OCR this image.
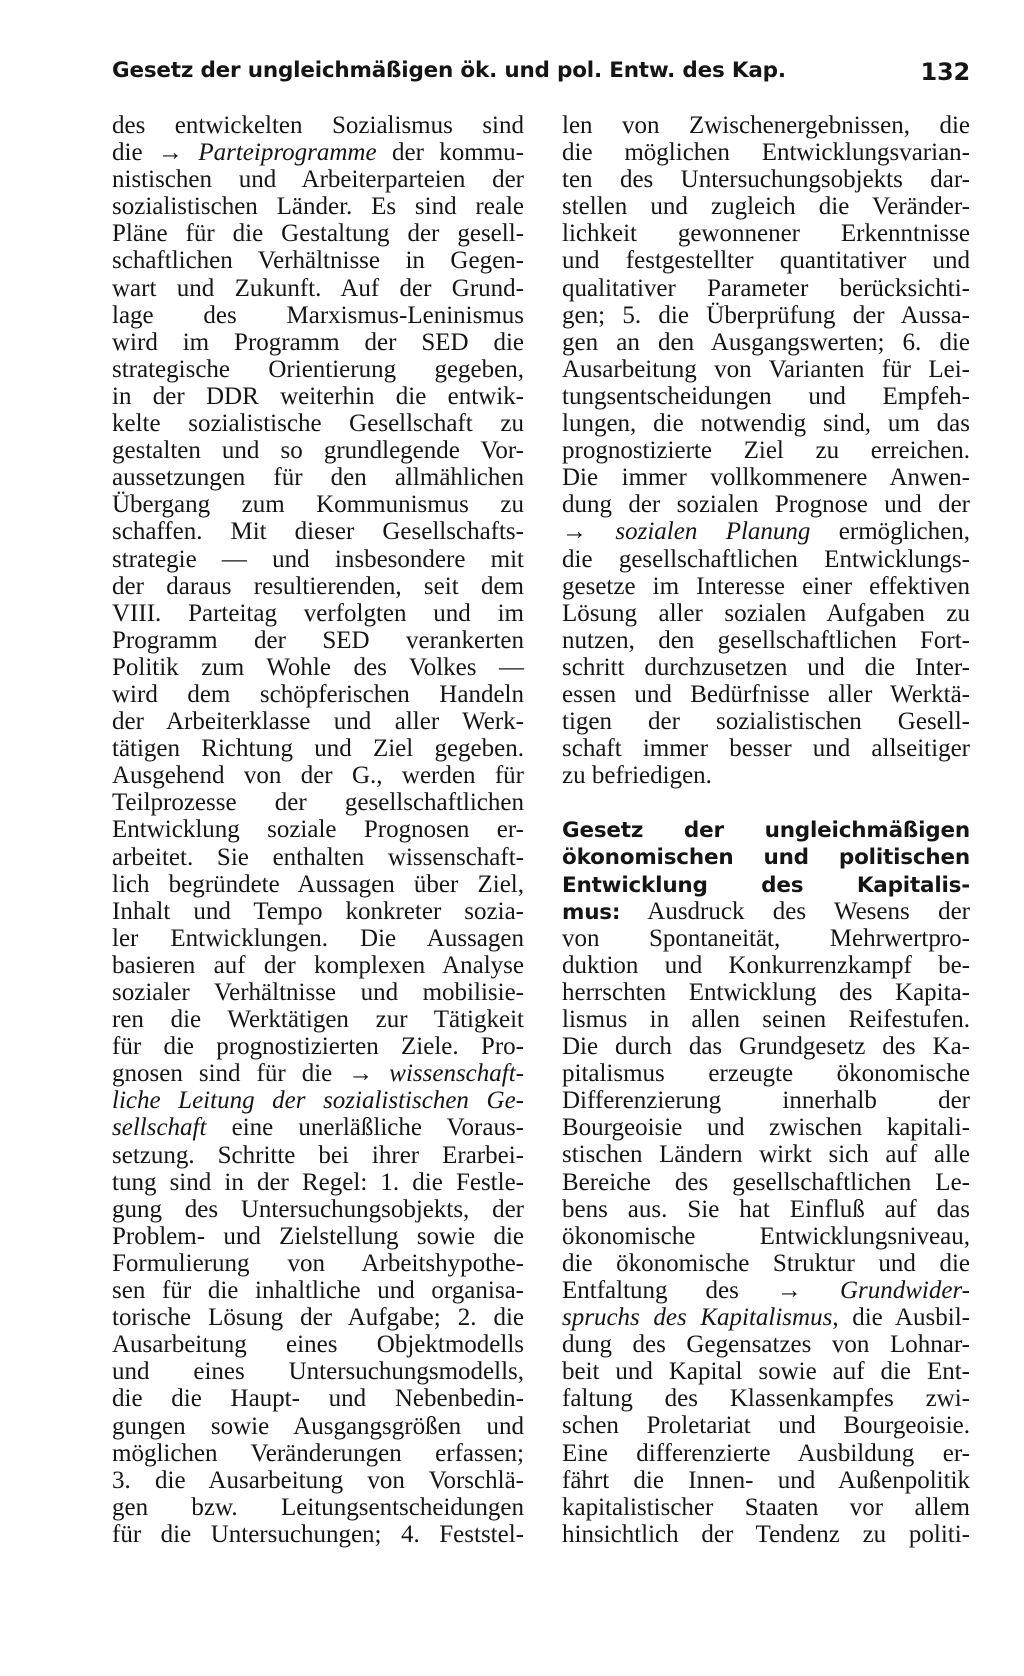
Gesetz der ungleichmäßigen ök. und pol. Entw. des Kap.	132
des entwickelten Sozialismus sind
die → Parteiprogramme der kommu-
nistischen und Arbeiterparteien der
sozialistischen Länder. Es sind reale
Pläne für die Gestaltung der gesell-
schaftlichen Verhältnisse in Gegen-
wart und Zukunft. Auf der Grund-
lage des Marxismus-Leninismus
wird im Programm der SED die
strategische Orientierung gegeben,
in der DDR weiterhin die entwik-
kelte sozialistische Gesellschaft zu
gestalten und so grundlegende Vor-
aussetzungen für den allmählichen
Übergang zum Kommunismus zu
schaffen. Mit dieser Gesellschafts-
strategie — und insbesondere mit
der daraus resultierenden, seit dem
VIII. Parteitag verfolgten und im
Programm der SED verankerten
Politik zum Wohle des Volkes —
wird dem schöpferischen Handeln
der Arbeiterklasse und aller Werk-
tätigen Richtung und Ziel gegeben.
Ausgehend von der G., werden für
Teilprozesse der gesellschaftlichen
Entwicklung soziale Prognosen er-
arbeitet. Sie enthalten wissenschaft-
lich begründete Aussagen über Ziel,
Inhalt und Tempo konkreter sozia-
ler Entwicklungen. Die Aussagen
basieren auf der komplexen Analyse
sozialer Verhältnisse und mobilisie-
ren die Werktätigen zur Tätigkeit
für die prognostizierten Ziele. Pro-
gnosen sind für die → wissenschaft-
liche Leitung der sozialistischen Ge-
sellschaft eine unerläßliche Voraus-
setzung. Schritte bei ihrer Erarbei-
tung sind in der Regel: 1. die Festle-
gung des Untersuchungsobjekts, der
Problem- und Zielstellung sowie die
Formulierung von Arbeitshypothe-
sen für die inhaltliche und organisa-
torische Lösung der Aufgabe; 2. die
Ausarbeitung eines Objektmodells
und eines Untersuchungsmodells,
die die Haupt- und Nebenbedin-
gungen sowie Ausgangsgrößen und
möglichen Veränderungen erfassen;
3. die Ausarbeitung von Vorschlä-
gen bzw. Leitungsentscheidungen
für die Untersuchungen; 4. Feststel-
len von Zwischenergebnissen, die
die möglichen Entwicklungsvarian-
ten des Untersuchungsobjekts dar-
stellen und zugleich die Veränder-
lichkeit gewonnener Erkenntnisse
und festgestellter quantitativer und
qualitativer Parameter berücksichti-
gen; 5. die Überprüfung der Aussa-
gen an den Ausgangswerten; 6. die
Ausarbeitung von Varianten für Lei-
tungsentscheidungen und Empfeh-
lungen, die notwendig sind, um das
prognostizierte Ziel zu erreichen.
Die immer vollkommenere Anwen-
dung der sozialen Prognose und der
→ sozialen Planung ermöglichen,
die gesellschaftlichen Entwicklungs-
gesetze im Interesse einer effektiven
Lösung aller sozialen Aufgaben zu
nutzen, den gesellschaftlichen Fort-
schritt durchzusetzen und die Inter-
essen und Bedürfnisse aller Werktä-
tigen der sozialistischen Gesell-
schaft immer besser und allseitiger
zu befriedigen.
Gesetz der ungleichmäßigen
ökonomischen und politischen
Entwicklung des Kapitalis-
mus: Ausdruck des Wesens der
von Spontaneität, Mehrwertpro-
duktion und Konkurrenzkampf be-
herrschten Entwicklung des Kapita-
lismus in allen seinen Reifestufen.
Die durch das Grundgesetz des Ka-
pitalismus erzeugte ökonomische
Differenzierung innerhalb der
Bourgeoisie und zwischen kapitali-
stischen Ländern wirkt sich auf alle
Bereiche des gesellschaftlichen Le-
bens aus. Sie hat Einfluß auf das
ökonomische Entwicklungsniveau,
die ökonomische Struktur und die
Entfaltung des → Grundwider-
spruchs des Kapitalismus, die Ausbil-
dung des Gegensatzes von Lohnar-
beit und Kapital sowie auf die Ent-
faltung des Klassenkampfes zwi-
schen Proletariat und Bourgeoisie.
Eine differenzierte Ausbildung er-
fährt die Innen- und Außenpolitik
kapitalistischer Staaten vor allem
hinsichtlich der Tendenz zu politi-
